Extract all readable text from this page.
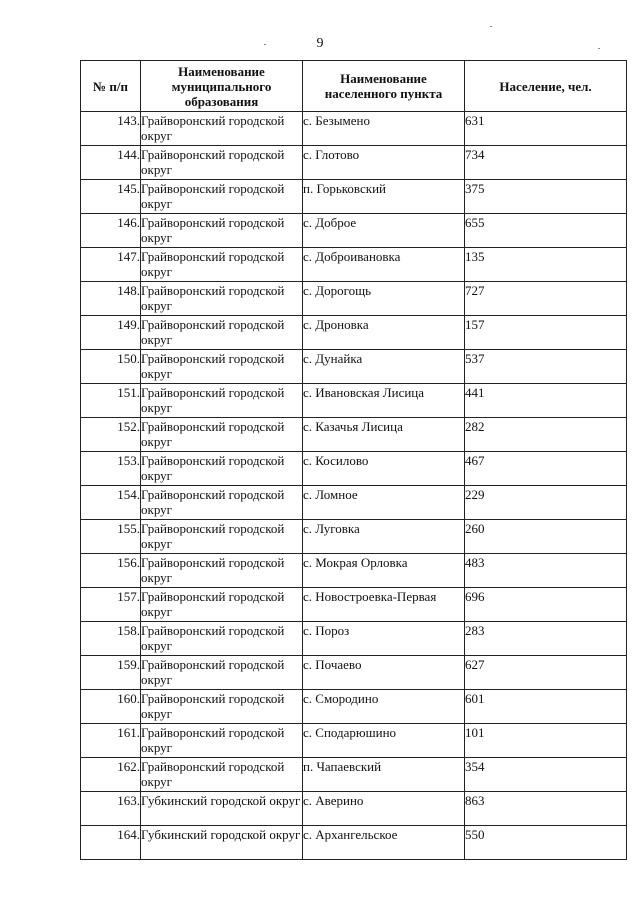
9
№ п/п	Наименование муниципального образования	Наименование населенного пункта	Население, чел.
143.	Грайворонский городской округ	с. Безымено	631
144.	Грайворонский городской округ	с. Глотово	734
145.	Грайворонский городской округ	п. Горьковский	375
146.	Грайворонский городской округ	с. Доброе	655
147.	Грайворонский городской округ	с. Доброивановка	135
148.	Грайворонский городской округ	с. Дорогощь	727
149.	Грайворонский городской округ	с. Дроновка	157
150.	Грайворонский городской округ	с. Дунайка	537
151.	Грайворонский городской округ	с. Ивановская Лисица	441
152.	Грайворонский городской округ	с. Казачья Лисица	282
153.	Грайворонский городской округ	с. Косилово	467
154.	Грайворонский городской округ	с. Ломное	229
155.	Грайворонский городской округ	с. Луговка	260
156.	Грайворонский городской округ	с. Мокрая Орловка	483
157.	Грайворонский городской округ	с. Новостроевка-Первая	696
158.	Грайворонский городской округ	с. Пороз	283
159.	Грайворонский городской округ	с. Почаево	627
160.	Грайворонский городской округ	с. Смородино	601
161.	Грайворонский городской округ	с. Сподарюшино	101
162.	Грайворонский городской округ	п. Чапаевский	354
163.	Губкинский городской округ	с. Аверино	863
164.	Губкинский городской округ	с. Архангельское	550
